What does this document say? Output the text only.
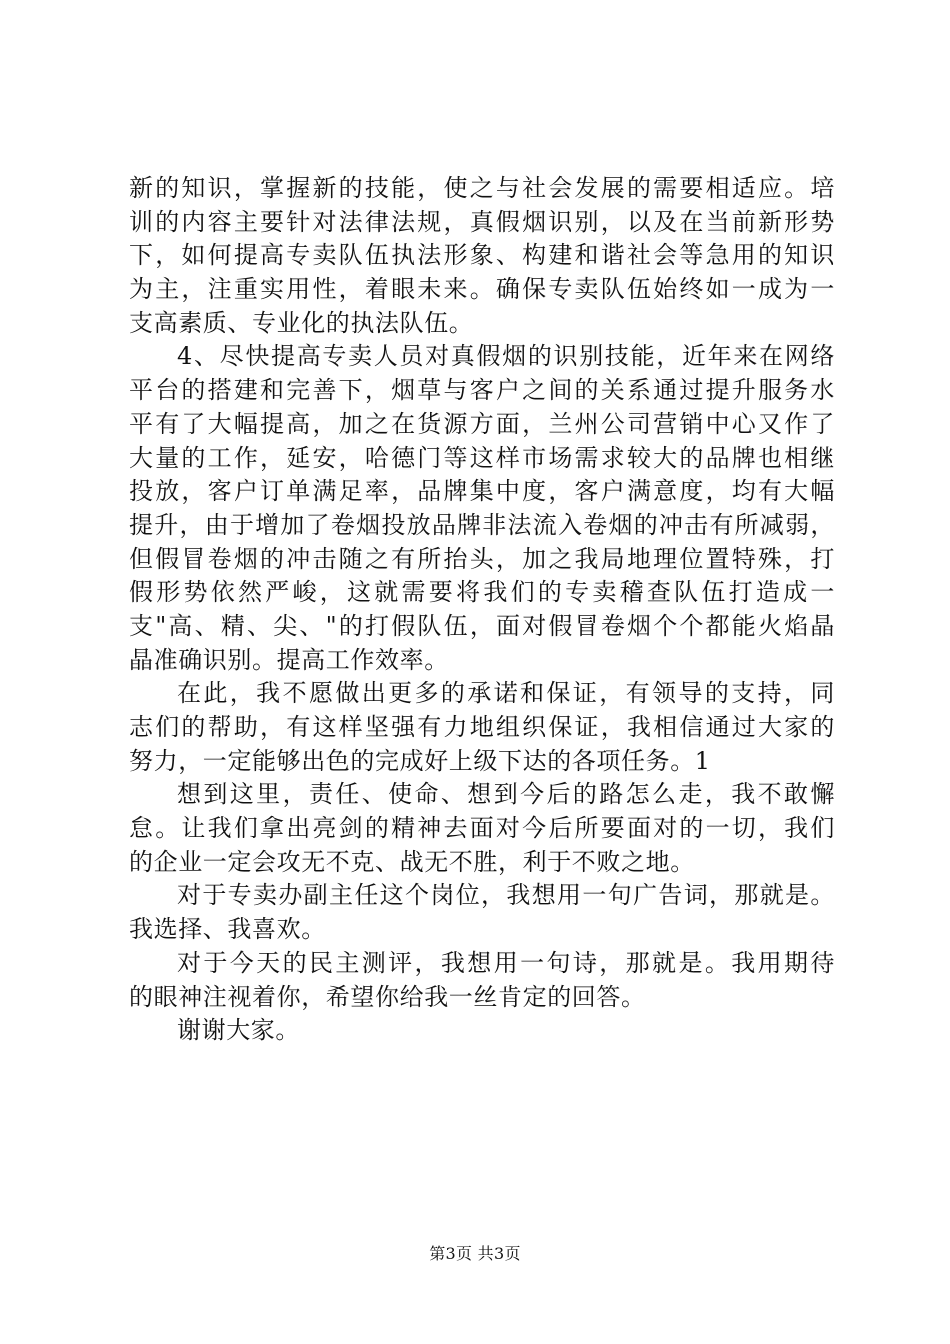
新的知识，掌握新的技能，使之与社会发展的需要相适应。培
训的内容主要针对法律法规，真假烟识别，以及在当前新形势
下，如何提高专卖队伍执法形象、构建和谐社会等急用的知识
为主，注重实用性，着眼未来。确保专卖队伍始终如一成为一
支高素质、专业化的执法队伍。
4、尽快提高专卖人员对真假烟的识别技能，近年来在网络
平台的搭建和完善下，烟草与客户之间的关系通过提升服务水
平有了大幅提高，加之在货源方面，兰州公司营销中心又作了
大量的工作，延安，哈德门等这样市场需求较大的品牌也相继
投放，客户订单满足率，品牌集中度，客户满意度，均有大幅
提升，由于增加了卷烟投放品牌非法流入卷烟的冲击有所减弱，
但假冒卷烟的冲击随之有所抬头，加之我局地理位置特殊，打
假形势依然严峻，这就需要将我们的专卖稽查队伍打造成一
支"高、精、尖、"的打假队伍，面对假冒卷烟个个都能火焰晶
晶准确识别。提高工作效率。
在此，我不愿做出更多的承诺和保证，有领导的支持，同
志们的帮助，有这样坚强有力地组织保证，我相信通过大家的
努力，一定能够出色的完成好上级下达的各项任务。1
想到这里，责任、使命、想到今后的路怎么走，我不敢懈
怠。让我们拿出亮剑的精神去面对今后所要面对的一切，我们
的企业一定会攻无不克、战无不胜，利于不败之地。
对于专卖办副主任这个岗位，我想用一句广告词，那就是。
我选择、我喜欢。
对于今天的民主测评，我想用一句诗，那就是。我用期待
的眼神注视着你，希望你给我一丝肯定的回答。
谢谢大家。
第3页 共3页
